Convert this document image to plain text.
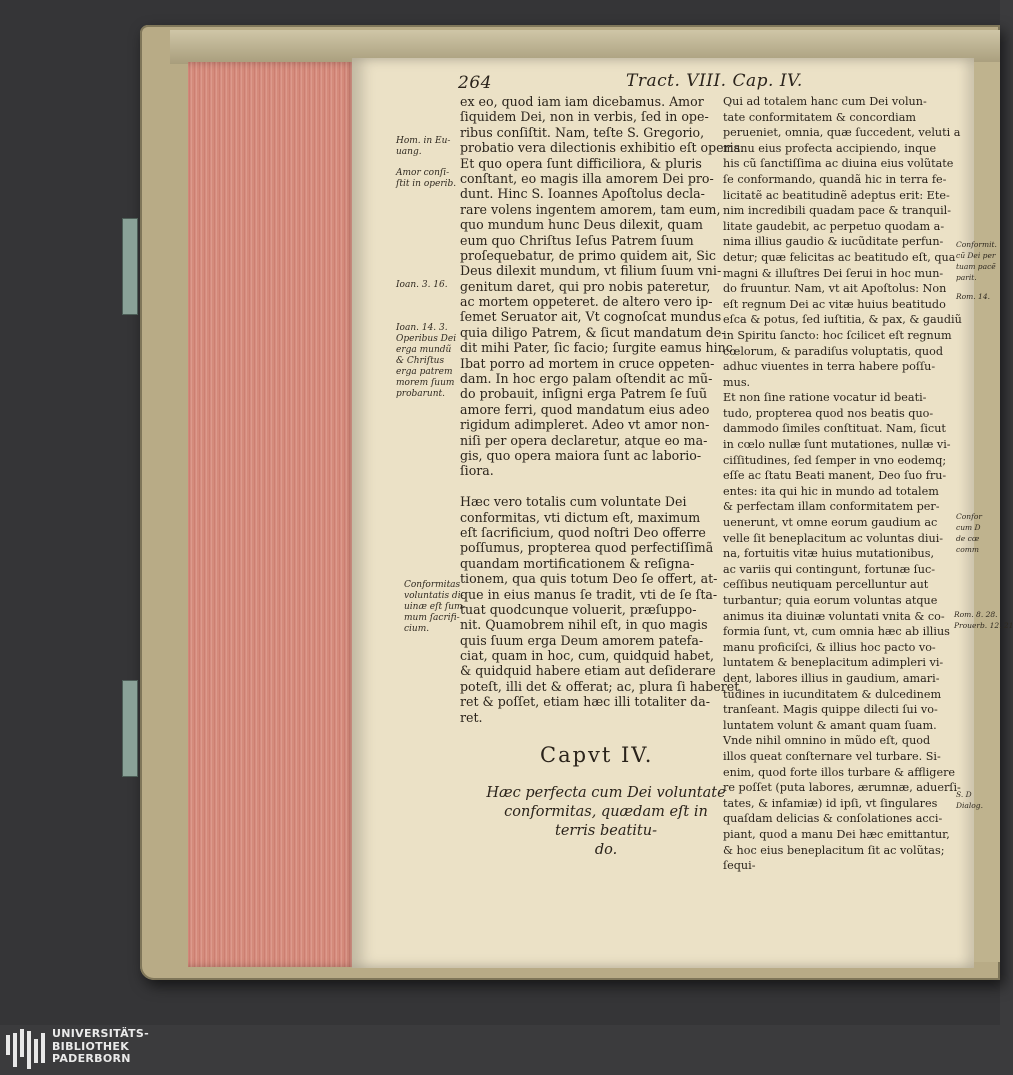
264	Tract. VIII. Cap. IV.
Hom. in Eu-
uang.
Amor conſi-
ſtit in operib.
Ioan. 3. 16.
Ioan. 14. 3.
Operibus Dei
erga mundũ
& Chriſtus
erga patrem
morem ſuum
probarunt.
Conformitas
voluntatis di-
uinæ eſt ſum-
mum ſacrifi-
cium.
ex eo, quod iam iam dicebamus. Amor
ſiquidem Dei, non in verbis, ſed in ope-
ribus conſiſtit. Nam, teſte S. Gregorio,
probatio vera dilectionis exhibitio eſt operis.
Et quo opera ſunt difficiliora, & pluris
conſtant, eo magis illa amorem Dei pro-
dunt. Hinc S. Ioannes Apoſtolus decla-
rare volens ingentem amorem, tam eum,
quo mundum hunc Deus dilexit, quam
eum quo Chriſtus Ieſus Patrem ſuum
proſequebatur, de primo quidem ait, Sic
Deus dilexit mundum, vt filium ſuum vni-
genitum daret, qui pro nobis pateretur,
ac mortem oppeteret. de altero vero ip-
ſemet Seruator ait, Vt cognoſcat mundus
quia diligo Patrem, & ſicut mandatum de-
dit mihi Pater, ſic facio; ſurgite eamus hinc.
Ibat porro ad mortem in cruce oppeten-
dam. In hoc ergo palam oſtendit ac mũ-
do probauit, inſigni erga Patrem ſe ſuũ
amore ferri, quod mandatum eius adeo
rigidum adimpleret. Adeo vt amor non-
niſi per opera declaretur, atque eo ma-
gis, quo opera maiora ſunt ac laborio-
ſiora.
Hæc vero totalis cum voluntate Dei
conformitas, vti dictum eſt, maximum
eſt ſacrificium, quod noſtri Deo offerre
poſſumus, propterea quod perfectiſſimã
quandam mortificationem & reſigna-
tionem, qua quis totum Deo ſe offert, at-
que in eius manus ſe tradit, vti de ſe ſta-
tuat quodcunque voluerit, præſuppo-
nit. Quamobrem nihil eſt, in quo magis
quis ſuum erga Deum amorem patefa-
ciat, quam in hoc, cum, quidquid habet,
& quidquid habere etiam aut deſiderare
poteſt, illi det & offerat; ac, plura ſi haberet
ret & poſſet, etiam hæc illi totaliter da-
ret.
Capvt IV.
Hæc perfecta cum Dei voluntate
conformitas, quædam eſt in
terris beatitu-
do.
Qui ad totalem hanc cum Dei volun-
tate conformitatem & concordiam
perueniet, omnia, quæ ſuccedent, veluti a
manu eius profecta accipiendo, inque
his cũ ſanctiſſima ac diuina eius volũtate
ſe conformando, quandã hic in terra fe-
licitatẽ ac beatitudinẽ adeptus erit: Ete-
nim incredibili quadam pace & tranquil-
litate gaudebit, ac perpetuo quodam a-
nima illius gaudio & iucũditate perfun-
detur; quæ felicitas ac beatitudo eſt, qua
magni & illuſtres Dei ſerui in hoc mun-
do fruuntur. Nam, vt ait Apoſtolus: Non
eſt regnum Dei ac vitæ huius beatitudo
eſca & potus, ſed iuſtitia, & pax, & gaudiũ
in Spiritu ſancto: hoc ſcilicet eſt regnum
cœlorum, & paradiſus voluptatis, quod
adhuc viuentes in terra habere poſſu-
mus.
Et non ſine ratione vocatur id beati-
tudo, propterea quod nos beatis quo-
dammodo ſimiles conſtituat. Nam, ſicut
in cœlo nullæ ſunt mutationes, nullæ vi-
ciſſitudines, ſed ſemper in vno eodemq;
eſſe ac ſtatu Beati manent, Deo ſuo fru-
entes: ita qui hic in mundo ad totalem
& perfectam illam conformitatem per-
uenerunt, vt omne eorum gaudium ac
velle ſit beneplacitum ac voluntas diui-
na, fortuitis vitæ huius mutationibus,
ac variis qui contingunt, fortunæ ſuc-
ceſſibus neutiquam percelluntur aut
turbantur; quia eorum voluntas atque
animus ita diuinæ voluntati vnita & co-
formia ſunt, vt, cum omnia hæc ab illius
manu proficiſci, & illius hoc pacto vo-
luntatem & beneplacitum adimpleri vi-
dent, labores illius in gaudium, amari-
tudines in iucunditatem & dulcedinem
tranſeant. Magis quippe dilecti ſui vo-
luntatem volunt & amant quam ſuam.
Vnde nihil omnino in mũdo eſt, quod
illos queat conſternare vel turbare. Si-
enim, quod forte illos turbare & affligere
re poſſet (puta labores, ærumnæ, aduerſi-
tates, & infamiæ) id ipſi, vt ſingulares
quaſdam delicias & conſolationes acci-
piant, quod a manu Dei hæc emittantur,
& hoc eius beneplacitum ſit ac volũtas;
ſequi-
Conformit.
cũ Dei per
tuam pacẽ
parit.
Rom. 14.
Confor
cum D
de cœ
comm
Rom. 8. 28.
Prouerb. 12. 21
S. D
Dialog.
UNIVERSITÄTS-
BIBLIOTHEK
PADERBORN
